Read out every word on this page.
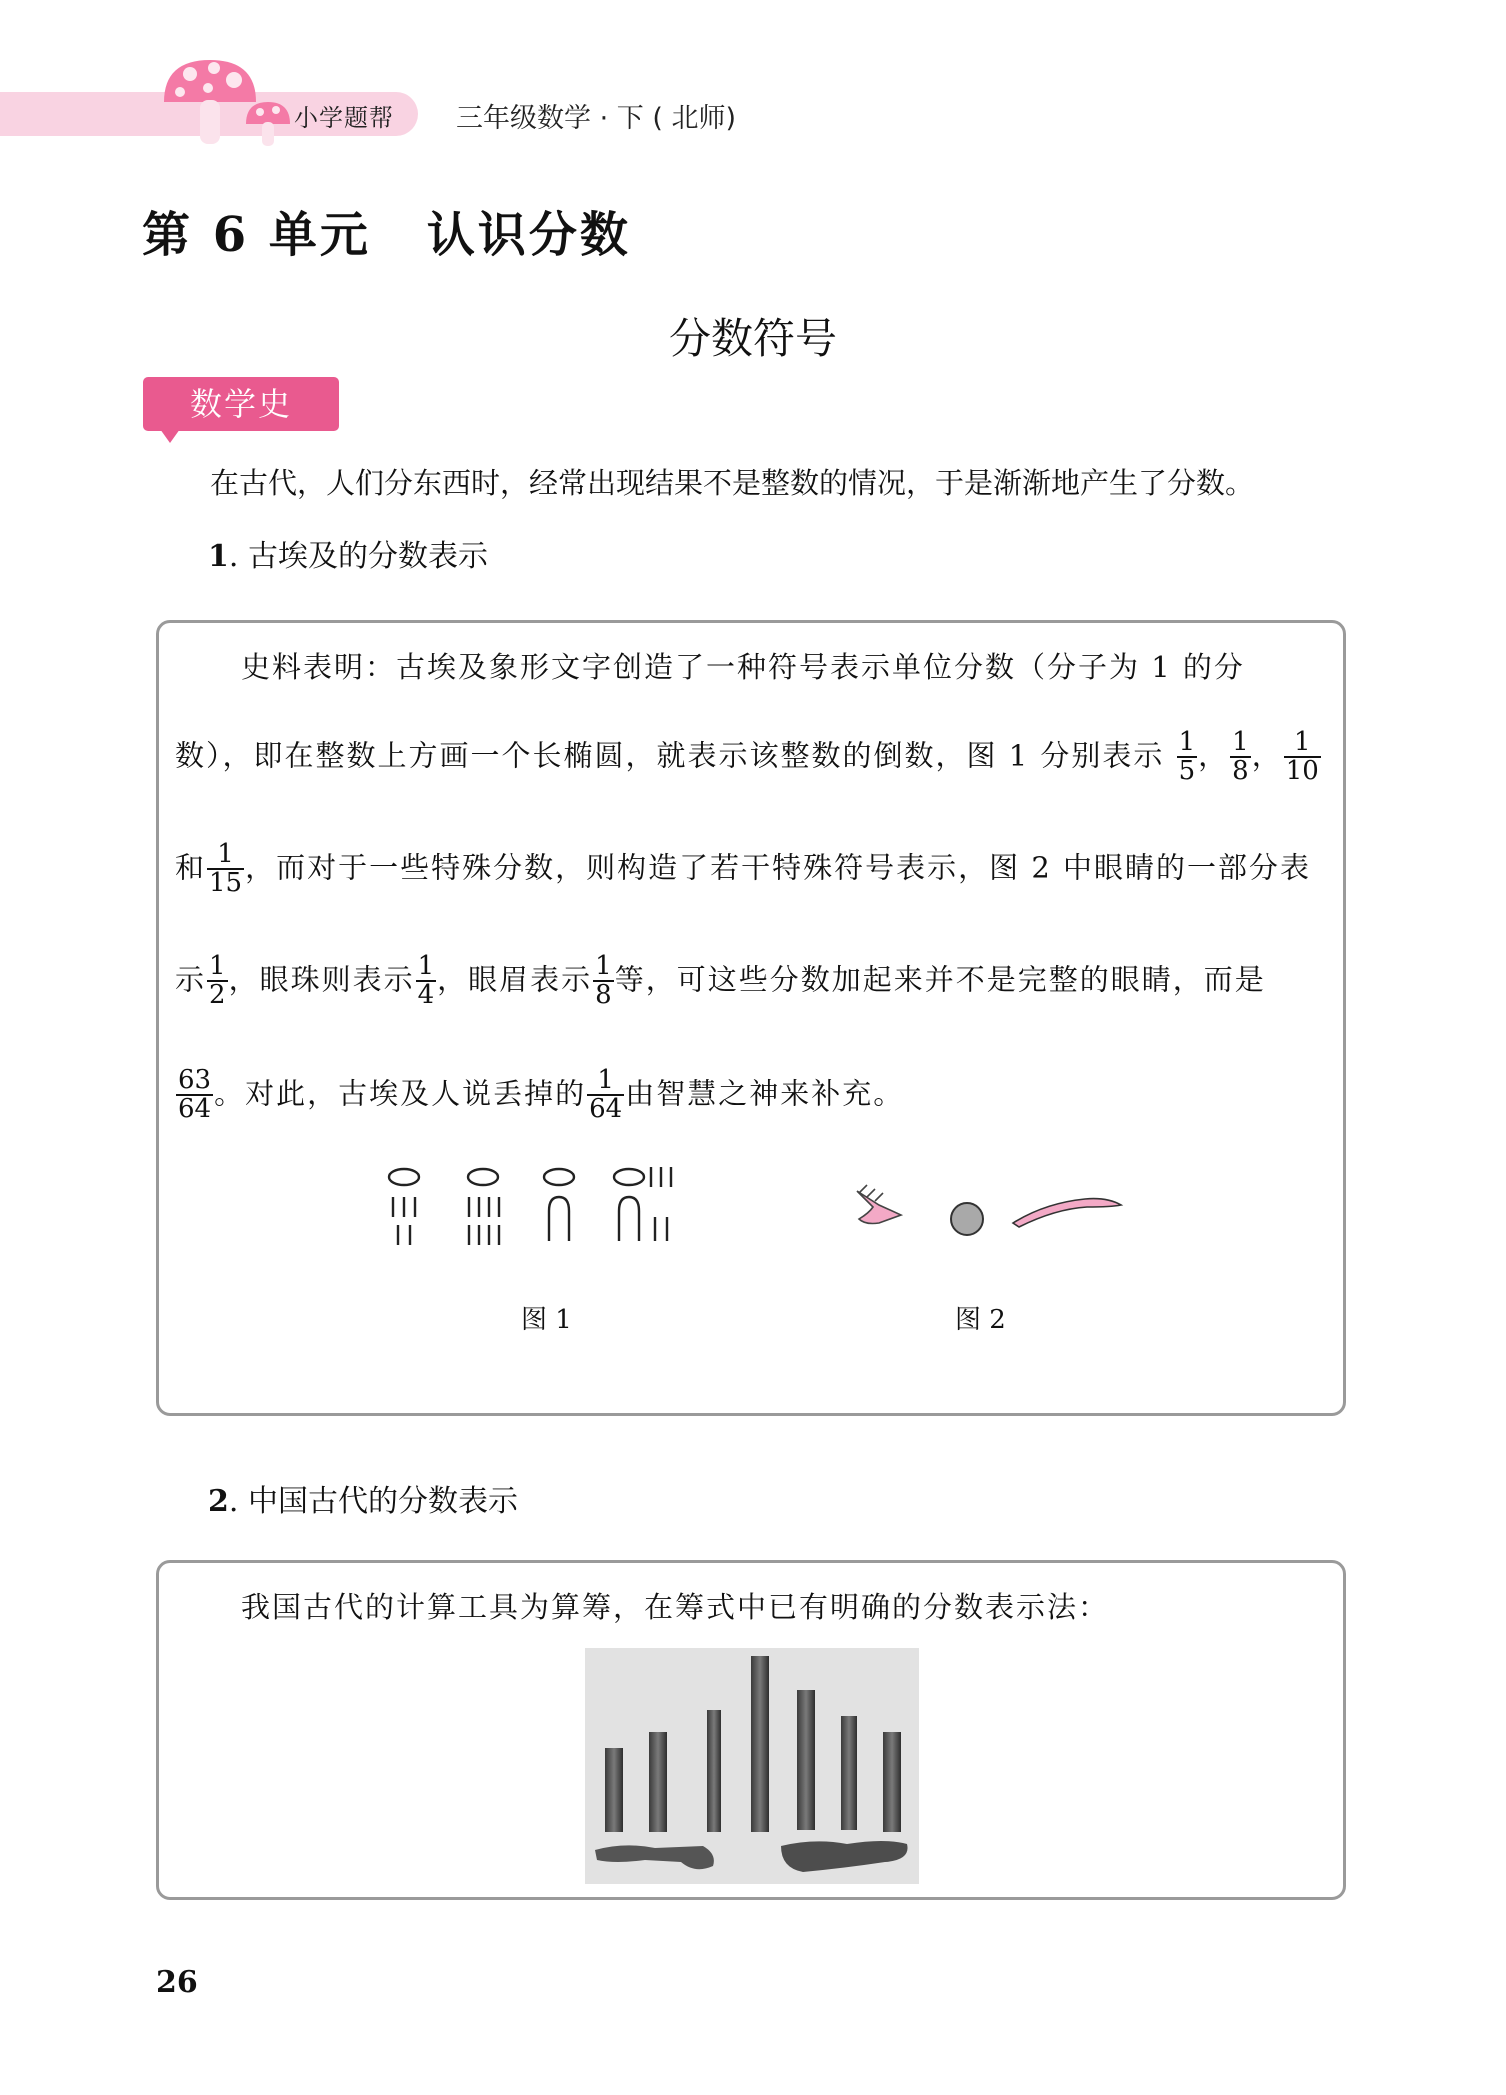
小学题帮 三年级数学 · 下 ( 北师)
第 6 单元 认识分数
分数符号
数学史
在古代，人们分东西时，经常出现结果不是整数的情况，于是渐渐地产生了分数。
1. 古埃及的分数表示
史料表明：古埃及象形文字创造了一种符号表示单位分数（分子为 1 的分
数），即在整数上方画一个长椭圆，就表示该整数的倒数，图 1 分别表示 $\frac{1}{5}$ ， $\frac{1}{8}$ ， $\frac{1}{10}$
和 $\frac{1}{15}$ ，而对于一些特殊分数，则构造了若干特殊符号表示，图 2 中眼睛的一部分表
示 $\frac{1}{2}$ ，眼珠则表示 $\frac{1}{4}$ ，眼眉表示 $\frac{1}{8}$ 等，可这些分数加起来并不是完整的眼睛，而是
$\frac{63}{64}$ 。对此，古埃及人说丢掉的 $\frac{1}{64}$ 由智慧之神来补充。
图 1	图 2
2. 中国古代的分数表示
我国古代的计算工具为算筹，在筹式中已有明确的分数表示法：
26
